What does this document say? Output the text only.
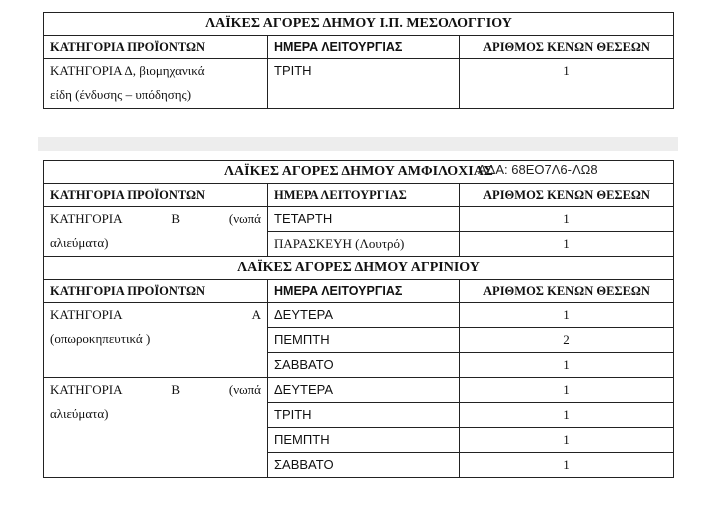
ΛΑΪΚΕΣ ΑΓΟΡΕΣ ΔΗΜΟΥ Ι.Π. ΜΕΣΟΛΟΓΓΙΟΥ		
ΚΑΤΗΓΟΡΙΑ ΠΡΟΪΟΝΤΩΝ	ΗΜΕΡΑ ΛΕΙΤΟΥΡΓΙΑΣ	ΑΡΙΘΜΟΣ ΚΕΝΩΝ ΘΕΣΕΩΝ

ΚΑΤΗΓΟΡΙΑ Δ, βιομηχανικά
είδη (ένδυσης – υπόδησης)	ΤΡΙΤΗ	1
ΛΑΪΚΕΣ ΑΓΟΡΕΣ ΔΗΜΟΥ ΑΜΦΙΛΟΧΙΑΣ		
ΚΑΤΗΓΟΡΙΑ ΠΡΟΪΟΝΤΩΝ	ΗΜΕΡΑ ΛΕΙΤΟΥΡΓΙΑΣ	ΑΡΙΘΜΟΣ ΚΕΝΩΝ ΘΕΣΕΩΝ

ΚΑΤΗΓΟΡΙΑ Β (νωπά
αλιεύματα)	ΤΕΤΑΡΤΗ	1
	ΠΑΡΑΣΚΕΥΗ (Λουτρό)	1
ΛΑΪΚΕΣ ΑΓΟΡΕΣ ΔΗΜΟΥ ΑΓΡΙΝΙΟΥ		
ΚΑΤΗΓΟΡΙΑ ΠΡΟΪΟΝΤΩΝ	ΗΜΕΡΑ ΛΕΙΤΟΥΡΓΙΑΣ	ΑΡΙΘΜΟΣ ΚΕΝΩΝ ΘΕΣΕΩΝ

ΚΑΤΗΓΟΡΙΑ Α
(οπωροκηπευτικά )	ΔΕΥΤΕΡΑ	1
	ΠΕΜΠΤΗ	2
	ΣΑΒΒΑΤΟ	1

ΚΑΤΗΓΟΡΙΑ Β (νωπά
αλιεύματα)	ΔΕΥΤΕΡΑ	1
	ΤΡΙΤΗ	1
	ΠΕΜΠΤΗ	1
	ΣΑΒΒΑΤΟ	1
ΑΔΑ: 68ΕΟ7Λ6-ΛΩ8
